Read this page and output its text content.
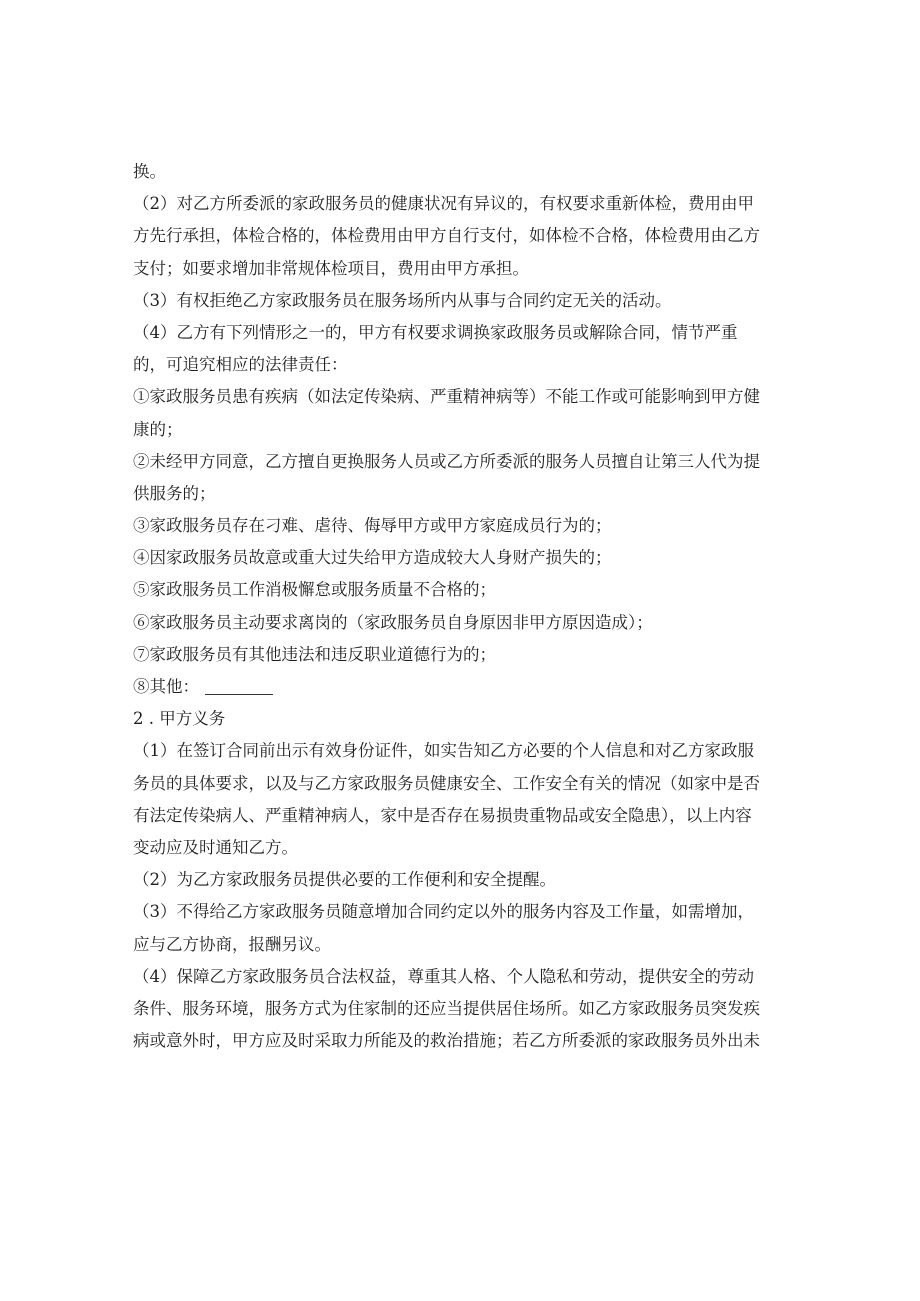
换。
（2）对乙方所委派的家政服务员的健康状况有异议的，有权要求重新体检，费用由甲
方先行承担，体检合格的，体检费用由甲方自行支付，如体检不合格，体检费用由乙方
支付；如要求增加非常规体检项目，费用由甲方承担。
（3）有权拒绝乙方家政服务员在服务场所内从事与合同约定无关的活动。
（4）乙方有下列情形之一的，甲方有权要求调换家政服务员或解除合同，情节严重
的，可追究相应的法律责任：
①家政服务员患有疾病（如法定传染病、严重精神病等）不能工作或可能影响到甲方健
康的；
②未经甲方同意，乙方擅自更换服务人员或乙方所委派的服务人员擅自让第三人代为提
供服务的；
③家政服务员存在刁难、虐待、侮辱甲方或甲方家庭成员行为的；
④因家政服务员故意或重大过失给甲方造成较大人身财产损失的；
⑤家政服务员工作消极懈怠或服务质量不合格的；
⑥家政服务员主动要求离岗的（家政服务员自身原因非甲方原因造成）；
⑦家政服务员有其他违法和违反职业道德行为的；
⑧其他：
2 . 甲方义务
（1）在签订合同前出示有效身份证件，如实告知乙方必要的个人信息和对乙方家政服
务员的具体要求，以及与乙方家政服务员健康安全、工作安全有关的情况（如家中是否
有法定传染病人、严重精神病人，家中是否存在易损贵重物品或安全隐患），以上内容
变动应及时通知乙方。
（2）为乙方家政服务员提供必要的工作便利和安全提醒。
（3）不得给乙方家政服务员随意增加合同约定以外的服务内容及工作量，如需增加，
应与乙方协商，报酬另议。
（4）保障乙方家政服务员合法权益，尊重其人格、个人隐私和劳动，提供安全的劳动
条件、服务环境，服务方式为住家制的还应当提供居住场所。如乙方家政服务员突发疾
病或意外时，甲方应及时采取力所能及的救治措施；若乙方所委派的家政服务员外出未
